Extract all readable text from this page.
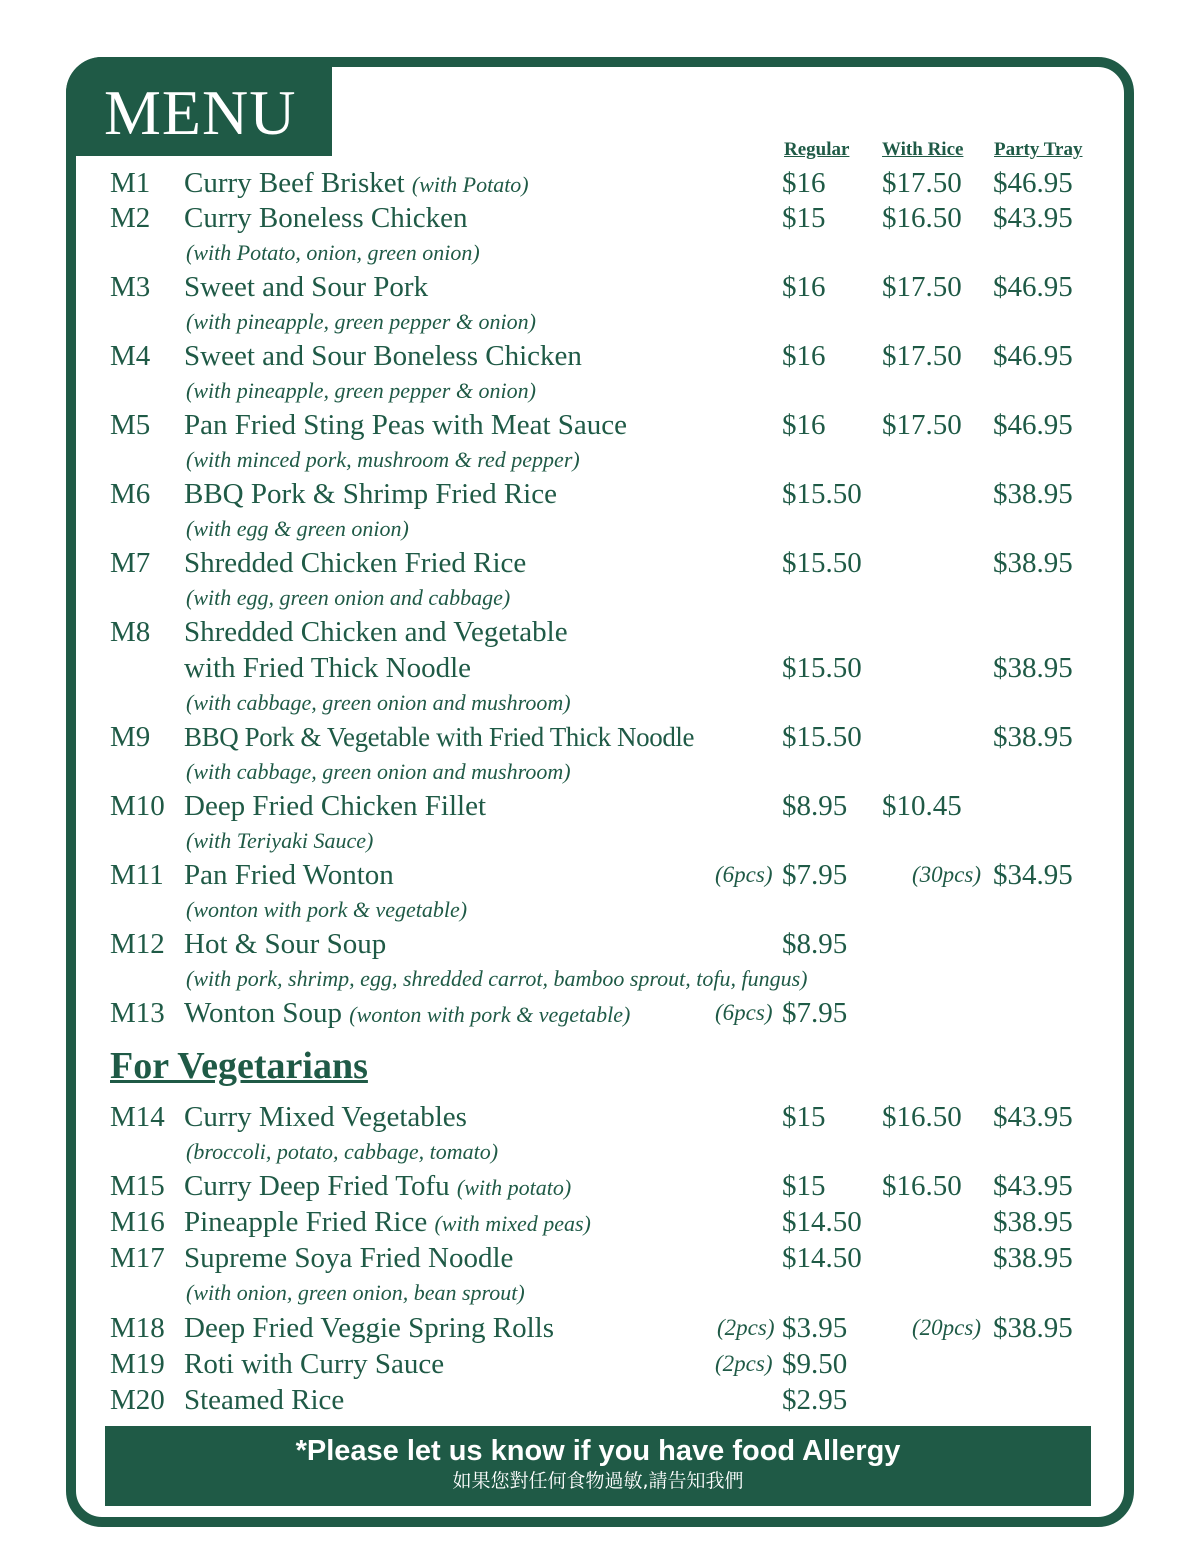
MENU
Regular With Rice Party Tray
M1 Curry Beef Brisket (with Potato)	$16 $17.50 $46.95
M2 Curry Boneless Chicken	$15 $16.50 $43.95
(with Potato, onion, green onion)
M3 Sweet and Sour Pork	$16 $17.50 $46.95
(with pineapple, green pepper & onion)
M4 Sweet and Sour Boneless Chicken	$16 $17.50 $46.95
(with pineapple, green pepper & onion)
M5 Pan Fried Sting Peas with Meat Sauce	$16 $17.50 $46.95
(with minced pork, mushroom & red pepper)
M6 BBQ Pork & Shrimp Fried Rice	$15.50	$38.95
(with egg & green onion)
M7 Shredded Chicken Fried Rice	$15.50	$38.95
(with egg, green onion and cabbage)
M8 Shredded Chicken and Vegetable
with Fried Thick Noodle	$15.50	$38.95
(with cabbage, green onion and mushroom)
M9 BBQ Pork & Vegetable with Fried Thick Noodle	$15.50	$38.95
(with cabbage, green onion and mushroom)
M10 Deep Fried Chicken Fillet	$8.95 $10.45
(with Teriyaki Sauce)
M11 Pan Fried Wonton	(6pcs) $7.95	(30pcs) $34.95
(wonton with pork & vegetable)
M12 Hot & Sour Soup	$8.95
(with pork, shrimp, egg, shredded carrot, bamboo sprout, tofu, fungus)
M13 Wonton Soup (wonton with pork & vegetable)	(6pcs) $7.95
For Vegetarians
M14 Curry Mixed Vegetables	$15 $16.50 $43.95
(broccoli, potato, cabbage, tomato)
M15 Curry Deep Fried Tofu (with potato)	$15 $16.50 $43.95
M16 Pineapple Fried Rice (with mixed peas)	$14.50	$38.95
M17 Supreme Soya Fried Noodle	$14.50	$38.95
(with onion, green onion, bean sprout)
M18 Deep Fried Veggie Spring Rolls	(2pcs) $3.95	(20pcs) $38.95
M19 Roti with Curry Sauce	(2pcs) $9.50
M20 Steamed Rice	$2.95
*Please let us know if you have food Allergy
如果您對任何食物過敏,請告知我們
